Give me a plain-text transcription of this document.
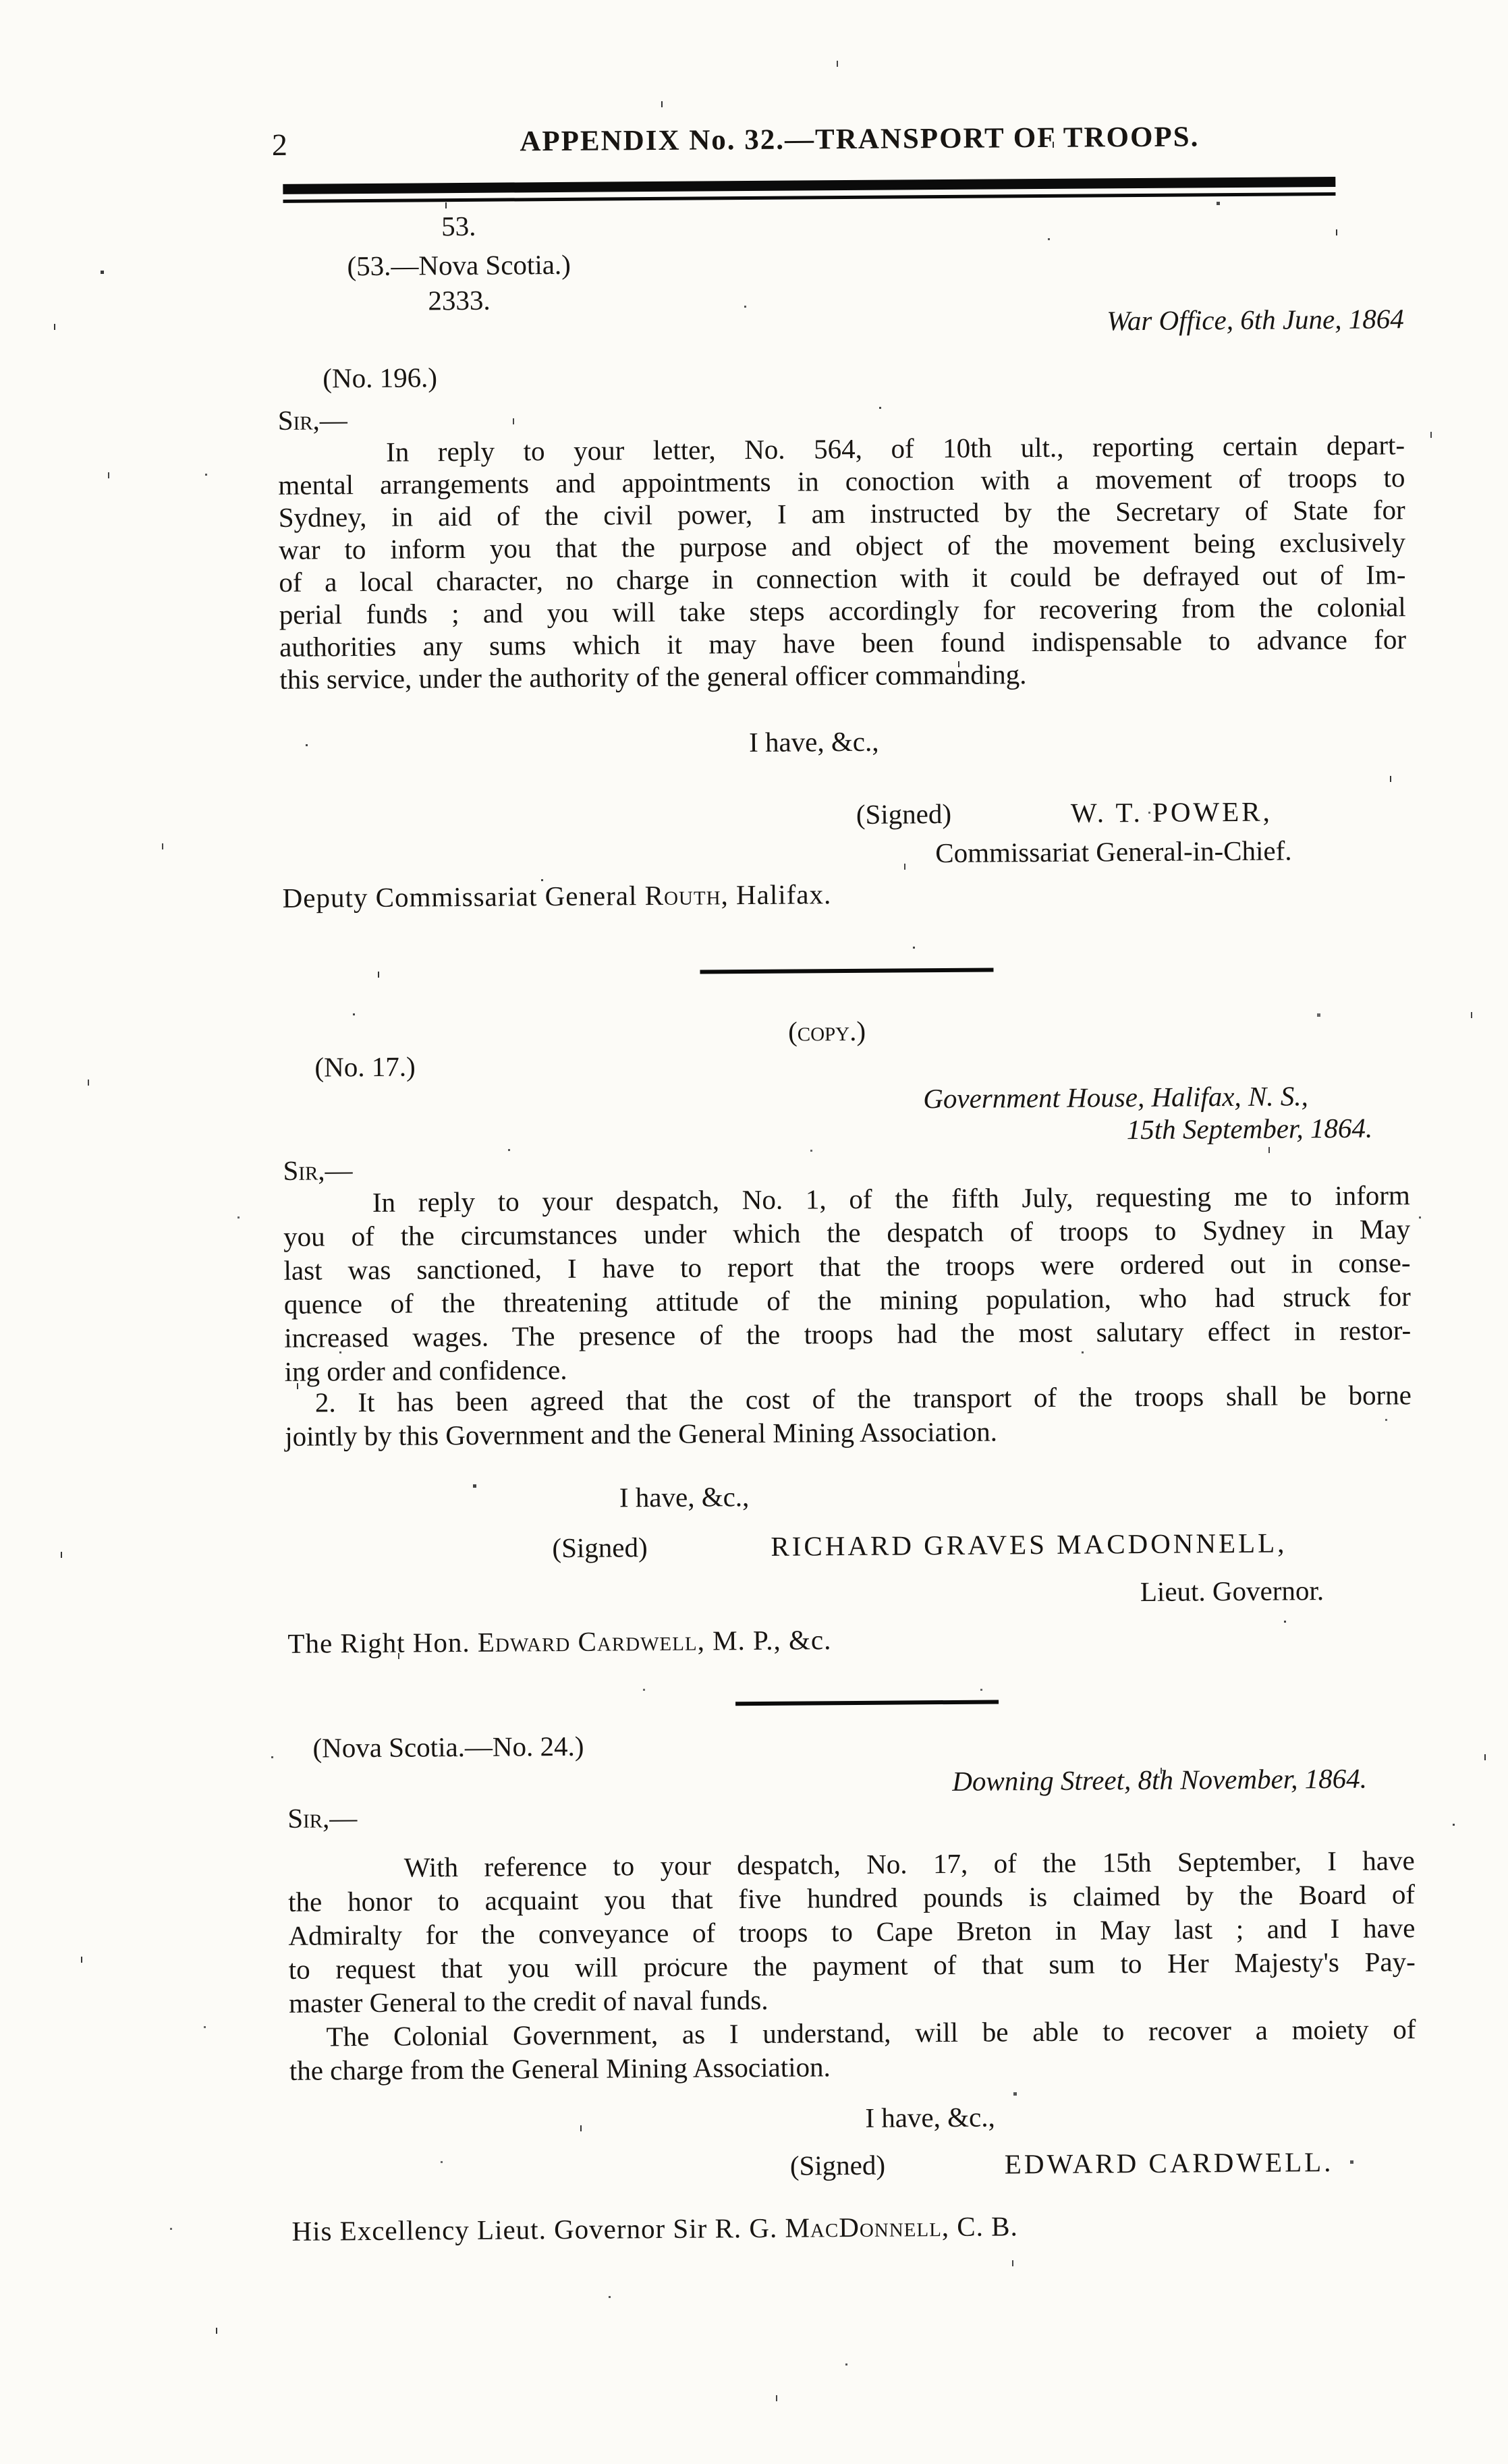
2	APPENDIX No. 32.—TRANSPORT OF TROOPS.
53.
(53.—Nova Scotia.)
2333.
War Office, 6th June, 1864
(No. 196.)
Sir,—
In reply to your letter, No. 564, of 10th ult., reporting certain depart-
mental arrangements and appointments in conoction with a movement of troops to
Sydney, in aid of the civil power, I am instructed by the Secretary of State for
war to inform you that the purpose and object of the movement being exclusively
of a local character, no charge in connection with it could be defrayed out of Im-
perial funds ; and you will take steps accordingly for recovering from the colonial
authorities any sums which it may have been found indispensable to advance for
this service, under the authority of the general officer commanding.
I have, &c.,
(Signed)	W. T. POWER,
Commissariat General-in-Chief.
Deputy Commissariat General Routh, Halifax.
(copy.)
(No. 17.)
Government House, Halifax, N. S.,
15th September, 1864.
Sir,—
In reply to your despatch, No. 1, of the fifth July, requesting me to inform
you of the circumstances under which the despatch of troops to Sydney in May
last was sanctioned, I have to report that the troops were ordered out in conse-
quence of the threatening attitude of the mining population, who had struck for
increased wages. The presence of the troops had the most salutary effect in restor-
ing order and confidence.
2. It has been agreed that the cost of the transport of the troops shall be borne
jointly by this Government and the General Mining Association.
I have, &c.,
(Signed)	RICHARD GRAVES MACDONNELL,
Lieut. Governor.
The Right Hon. Edward Cardwell, M. P., &c.
(Nova Scotia.—No. 24.)
Downing Street, 8th November, 1864.
Sir,—
With reference to your despatch, No. 17, of the 15th September, I have
the honor to acquaint you that five hundred pounds is claimed by the Board of
Admiralty for the conveyance of troops to Cape Breton in May last ; and I have
to request that you will procure the payment of that sum to Her Majesty's Pay-
master General to the credit of naval funds.
The Colonial Government, as I understand, will be able to recover a moiety of
the charge from the General Mining Association.
I have, &c.,
(Signed)	EDWARD CARDWELL.
His Excellency Lieut. Governor Sir R. G. MacDonnell, C. B.
